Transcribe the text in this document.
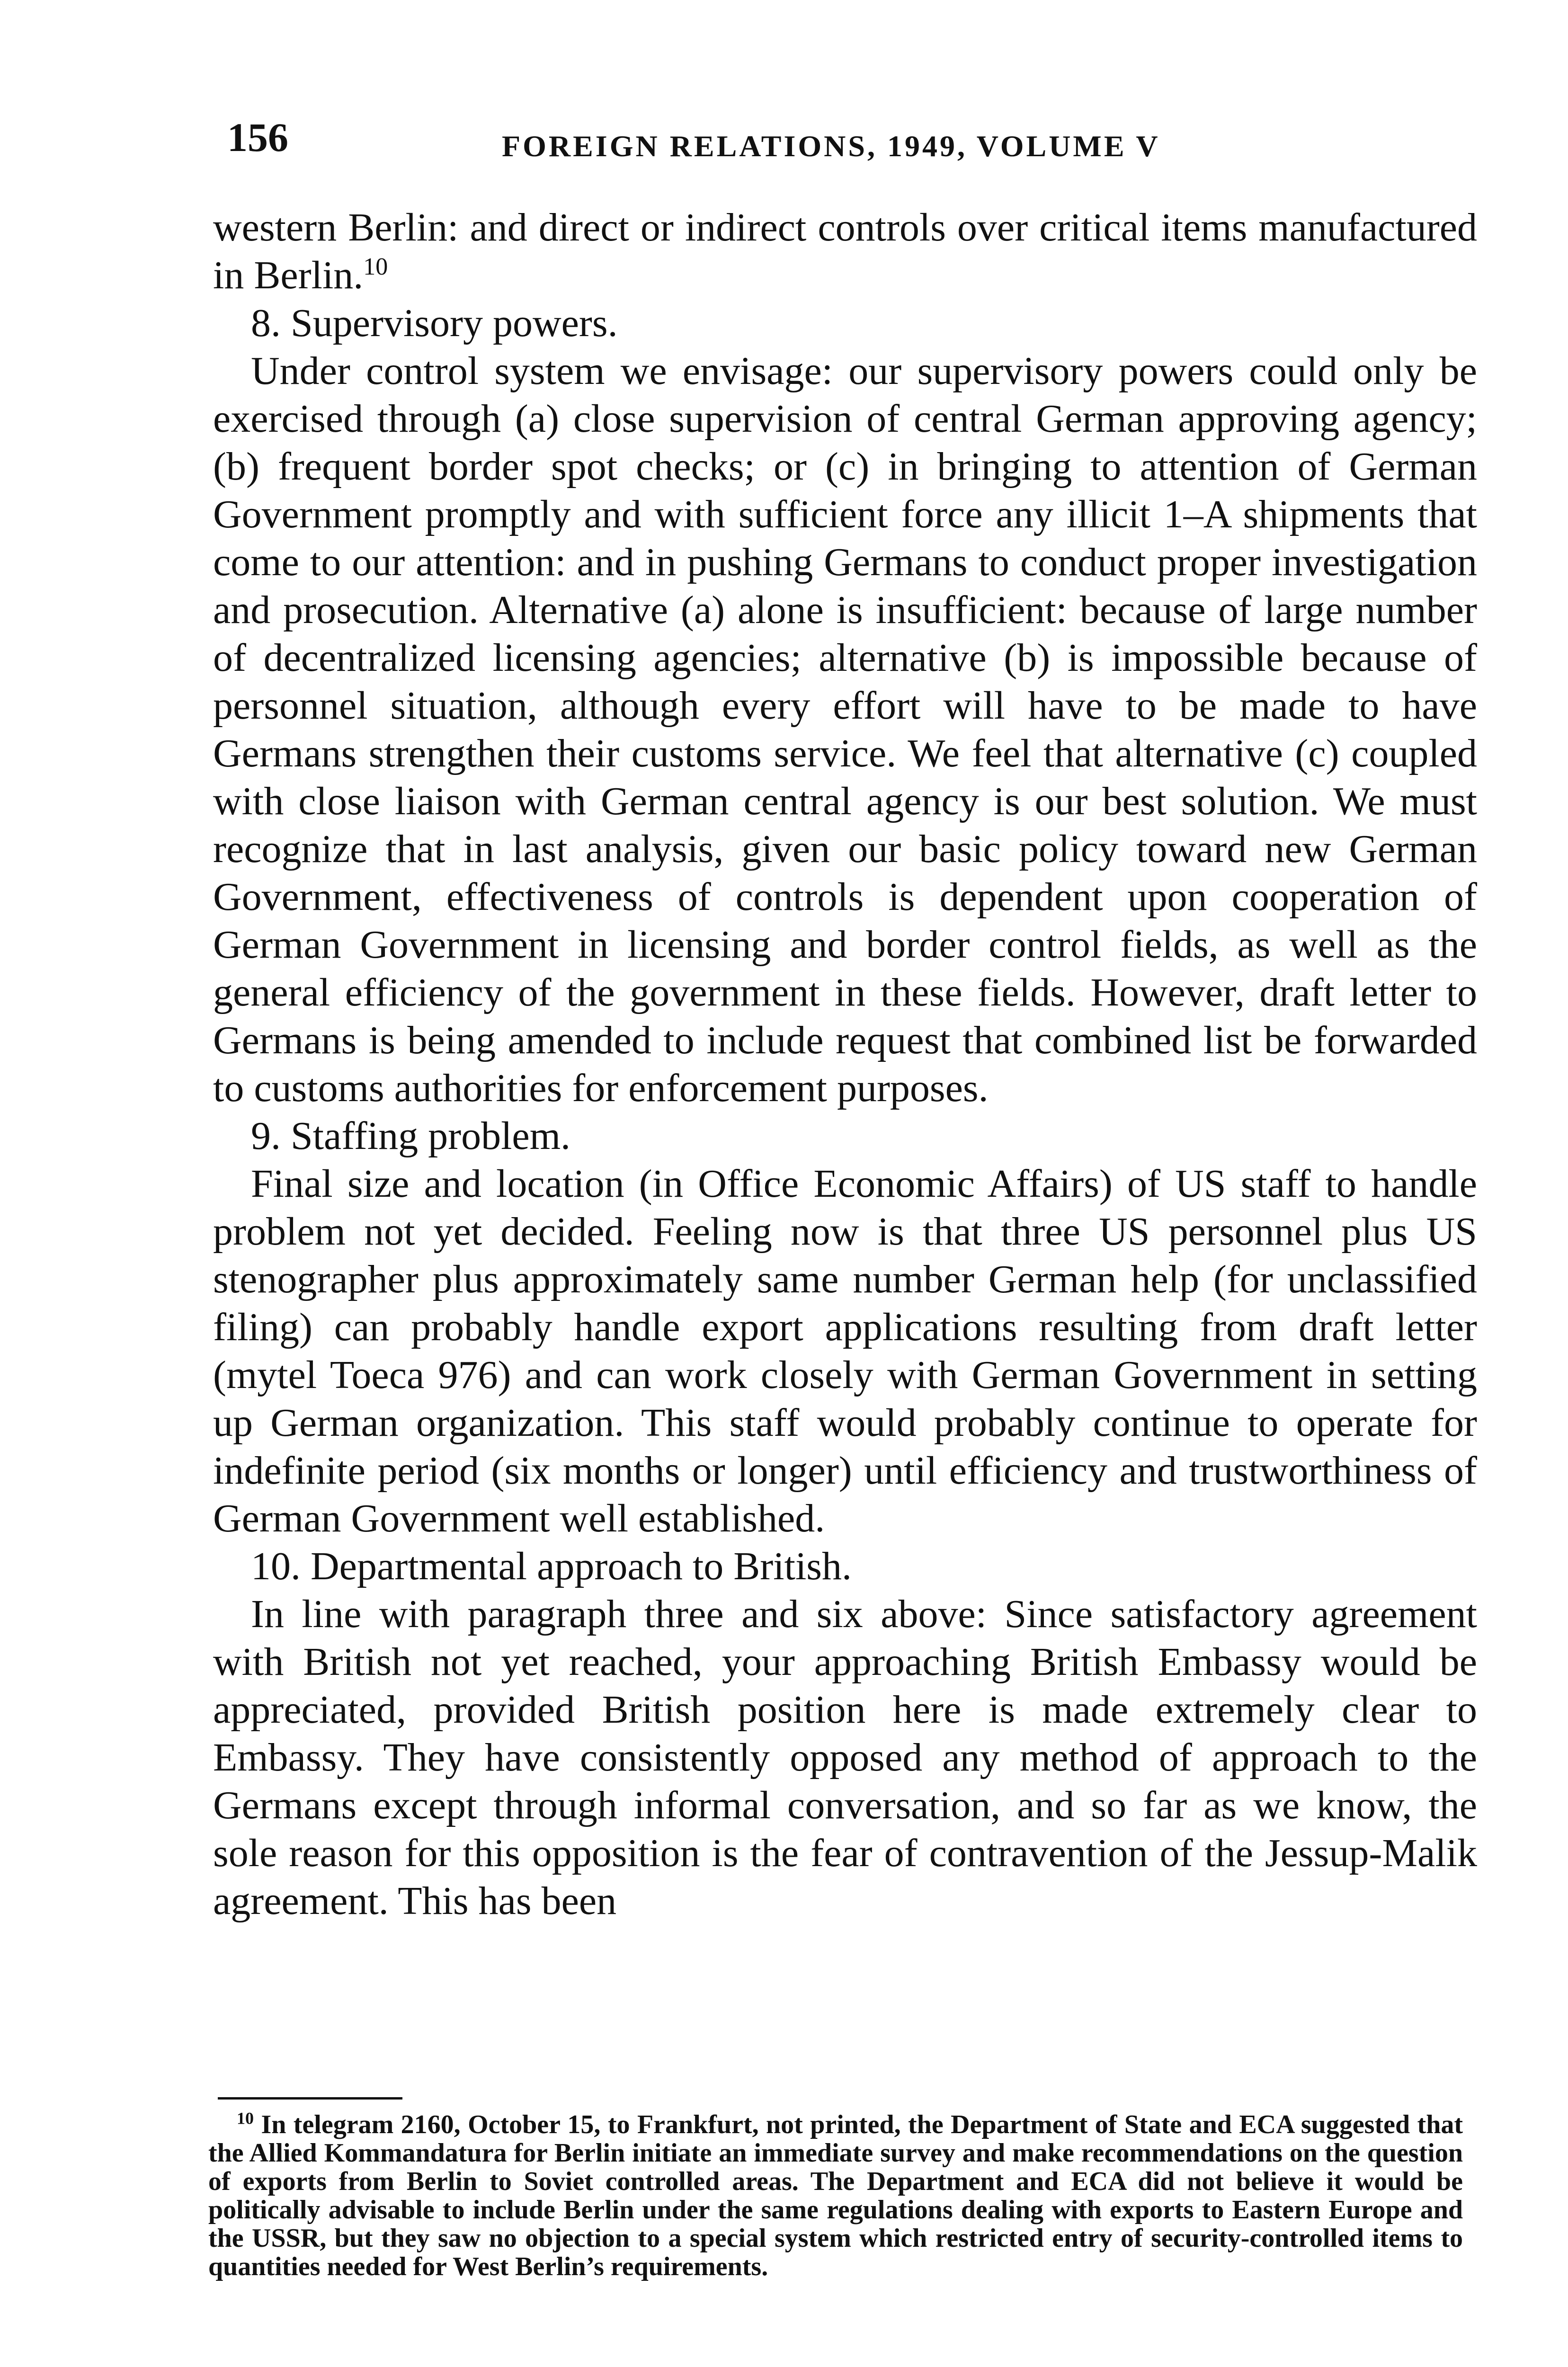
156	FOREIGN RELATIONS, 1949, VOLUME V

western Berlin: and direct or indirect controls over critical items manufactured in Berlin.$^{10}$

8. Supervisory powers.

Under control system we envisage: our supervisory powers could only be exercised through (a) close supervision of central German approving agency; (b) frequent border spot checks; or (c) in bringing to attention of German Government promptly and with sufficient force any illicit 1–A shipments that come to our attention: and in pushing Germans to conduct proper investigation and prosecution. Alternative (a) alone is insufficient: because of large number of decentralized licensing agencies; alternative (b) is impossible because of personnel situation, although every effort will have to be made to have Germans strengthen their customs service. We feel that alternative (c) coupled with close liaison with German central agency is our best solution. We must recognize that in last analysis, given our basic policy toward new German Government, effectiveness of controls is dependent upon cooperation of German Government in licensing and border control fields, as well as the general efficiency of the government in these fields. However, draft letter to Germans is being amended to include request that combined list be forwarded to customs authorities for enforcement purposes.

9. Staffing problem.

Final size and location (in Office Economic Affairs) of US staff to handle problem not yet decided. Feeling now is that three US personnel plus US stenographer plus approximately same number German help (for unclassified filing) can probably handle export applications resulting from draft letter (mytel Toeca 976) and can work closely with German Government in setting up German organization. This staff would probably continue to operate for indefinite period (six months or longer) until efficiency and trustworthiness of German Government well established.

10. Departmental approach to British.

In line with paragraph three and six above: Since satisfactory agreement with British not yet reached, your approaching British Embassy would be appreciated, provided British position here is made extremely clear to Embassy. They have consistently opposed any method of approach to the Germans except through informal conversation, and so far as we know, the sole reason for this opposition is the fear of contravention of the Jessup-Malik agreement. This has been

$^{10}$ In telegram 2160, October 15, to Frankfurt, not printed, the Department of State and ECA suggested that the Allied Kommandatura for Berlin initiate an immediate survey and make recommendations on the question of exports from Berlin to Soviet controlled areas. The Department and ECA did not believe it would be politically advisable to include Berlin under the same regulations dealing with exports to Eastern Europe and the USSR, but they saw no objection to a special system which restricted entry of security-controlled items to quantities needed for West Berlin’s requirements.
